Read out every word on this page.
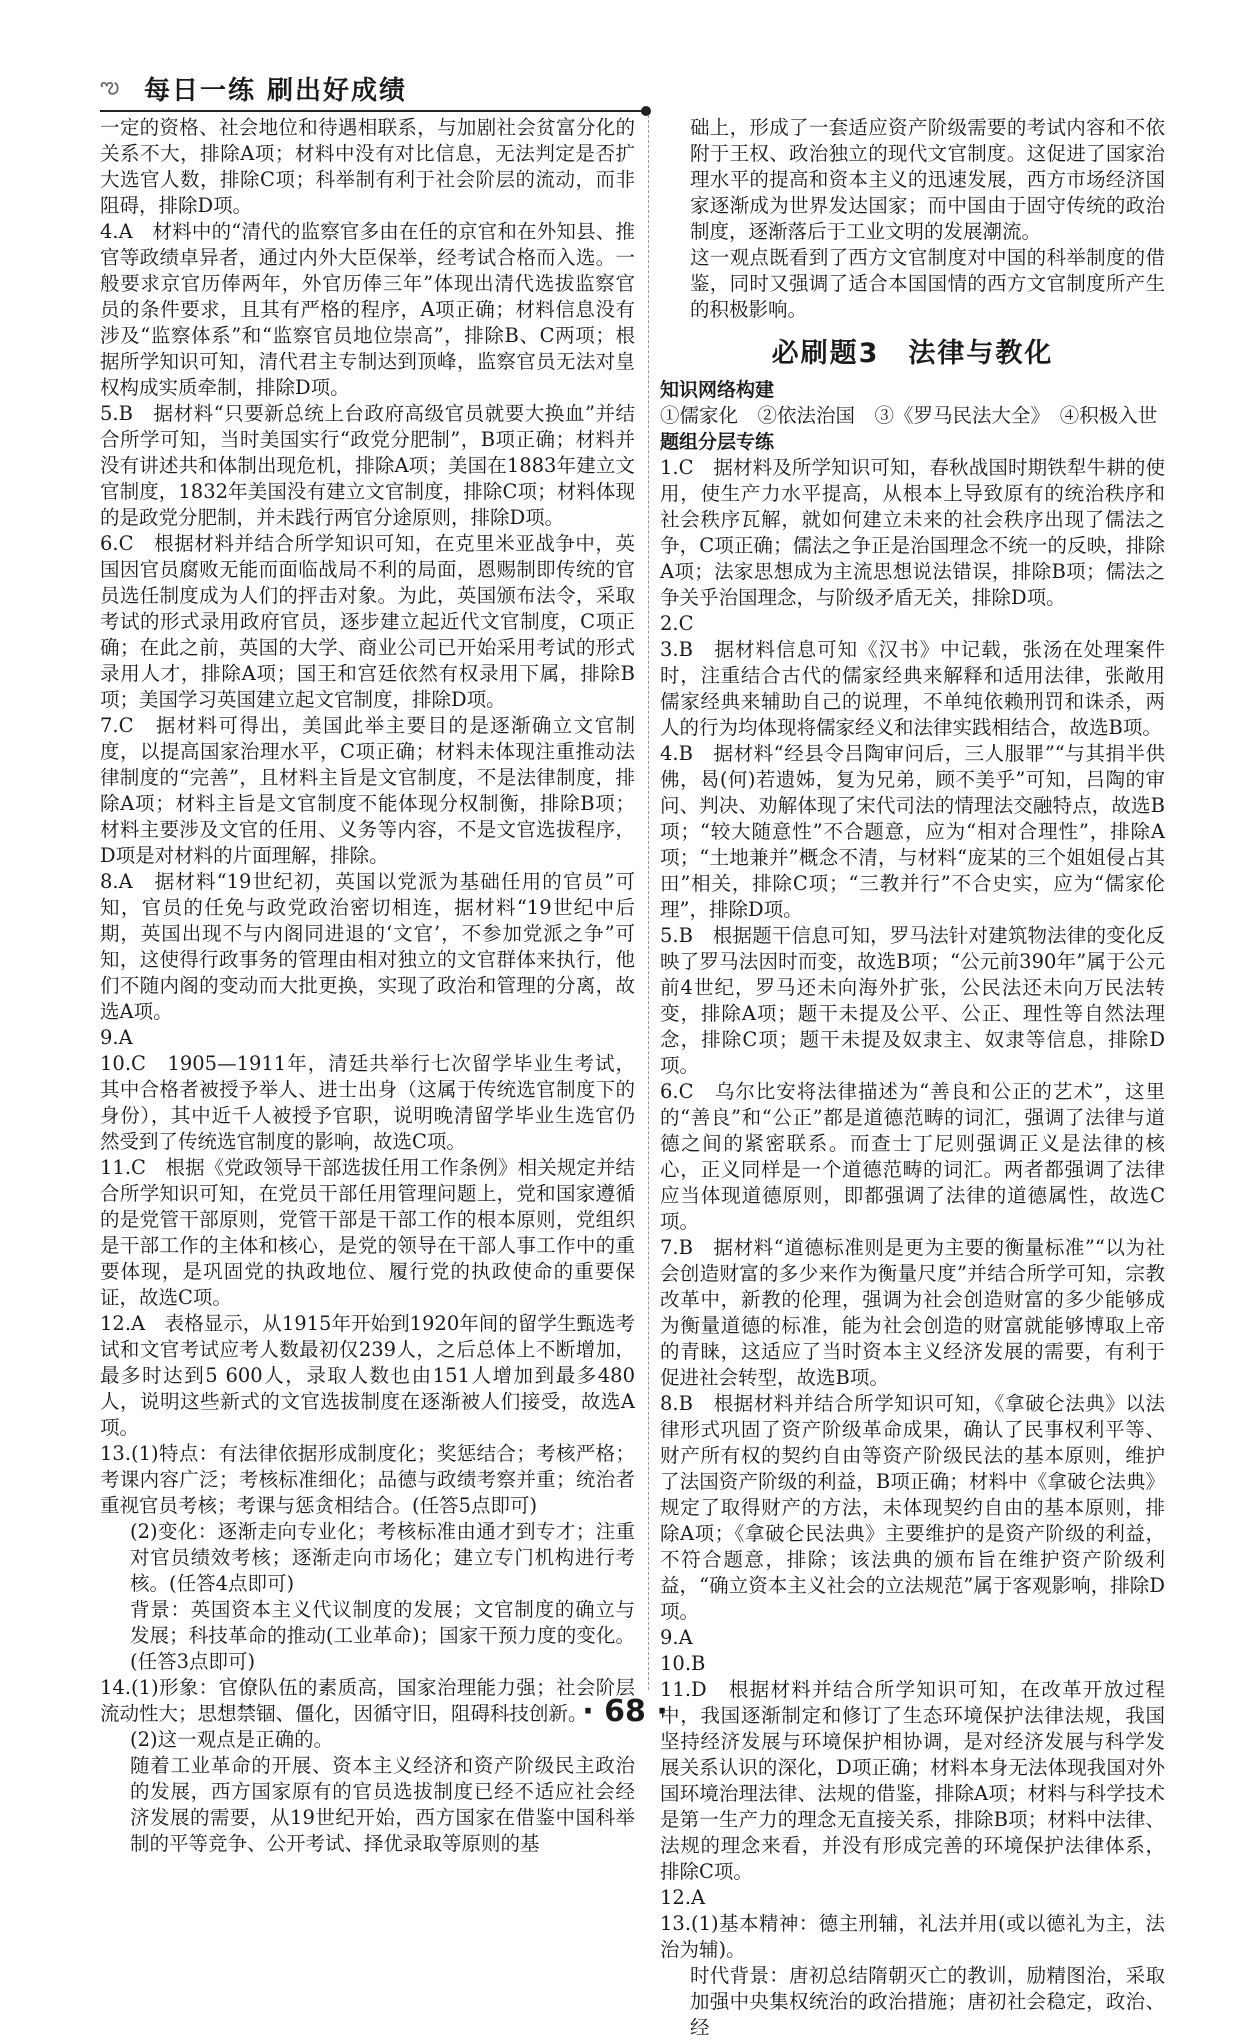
ఌ 每日一练 刷出好成绩

一定的资格、社会地位和待遇相联系，与加剧社会贫富分化的关系不大，排除A项；材料中没有对比信息，无法判定是否扩大选官人数，排除C项；科举制有利于社会阶层的流动，而非阻碍，排除D项。

4.A　材料中的“清代的监察官多由在任的京官和在外知县、推官等政绩卓异者，通过内外大臣保举，经考试合格而入选。一般要求京官历俸两年，外官历俸三年”体现出清代选拔监察官员的条件要求，且其有严格的程序，A项正确；材料信息没有涉及“监察体系”和“监察官员地位崇高”，排除B、C两项；根据所学知识可知，清代君主专制达到顶峰，监察官员无法对皇权构成实质牵制，排除D项。

5.B　据材料“只要新总统上台政府高级官员就要大换血”并结合所学可知，当时美国实行“政党分肥制”，B项正确；材料并没有讲述共和体制出现危机，排除A项；美国在1883年建立文官制度，1832年美国没有建立文官制度，排除C项；材料体现的是政党分肥制，并未践行两官分途原则，排除D项。

6.C　根据材料并结合所学知识可知，在克里米亚战争中，英国因官员腐败无能而面临战局不利的局面，恩赐制即传统的官员选任制度成为人们的抨击对象。为此，英国颁布法令，采取考试的形式录用政府官员，逐步建立起近代文官制度，C项正确；在此之前，英国的大学、商业公司已开始采用考试的形式录用人才，排除A项；国王和宫廷依然有权录用下属，排除B项；美国学习英国建立起文官制度，排除D项。

7.C　据材料可得出，美国此举主要目的是逐渐确立文官制度，以提高国家治理水平，C项正确；材料未体现注重推动法律制度的“完善”，且材料主旨是文官制度，不是法律制度，排除A项；材料主旨是文官制度不能体现分权制衡，排除B项；材料主要涉及文官的任用、义务等内容，不是文官选拔程序，D项是对材料的片面理解，排除。

8.A　据材料“19世纪初，英国以党派为基础任用的官员”可知，官员的任免与政党政治密切相连，据材料“19世纪中后期，英国出现不与内阁同进退的‘文官’，不参加党派之争”可知，这使得行政事务的管理由相对独立的文官群体来执行，他们不随内阁的变动而大批更换，实现了政治和管理的分离，故选A项。

9.A

10.C　1905—1911年，清廷共举行七次留学毕业生考试，其中合格者被授予举人、进士出身（这属于传统选官制度下的身份），其中近千人被授予官职，说明晚清留学毕业生选官仍然受到了传统选官制度的影响，故选C项。

11.C　根据《党政领导干部选拔任用工作条例》相关规定并结合所学知识可知，在党员干部任用管理问题上，党和国家遵循的是党管干部原则，党管干部是干部工作的根本原则，党组织是干部工作的主体和核心，是党的领导在干部人事工作中的重要体现，是巩固党的执政地位、履行党的执政使命的重要保证，故选C项。

12.A　表格显示，从1915年开始到1920年间的留学生甄选考试和文官考试应考人数最初仅239人，之后总体上不断增加，最多时达到5 600人，录取人数也由151人增加到最多480人，说明这些新式的文官选拔制度在逐渐被人们接受，故选A项。

13.(1)特点：有法律依据形成制度化；奖惩结合；考核严格；考课内容广泛；考核标准细化；品德与政绩考察并重；统治者重视官员考核；考课与惩贪相结合。(任答5点即可)

(2)变化：逐渐走向专业化；考核标准由通才到专才；注重对官员绩效考核；逐渐走向市场化；建立专门机构进行考核。(任答4点即可)

背景：英国资本主义代议制度的发展；文官制度的确立与发展；科技革命的推动(工业革命)；国家干预力度的变化。(任答3点即可)

14.(1)形象：官僚队伍的素质高，国家治理能力强；社会阶层流动性大；思想禁锢、僵化，因循守旧，阻碍科技创新。

(2)这一观点是正确的。

随着工业革命的开展、资本主义经济和资产阶级民主政治的发展，西方国家原有的官员选拔制度已经不适应社会经济发展的需要，从19世纪开始，西方国家在借鉴中国科举制的平等竞争、公开考试、择优录取等原则的基

础上，形成了一套适应资产阶级需要的考试内容和不依附于王权、政治独立的现代文官制度。这促进了国家治理水平的提高和资本主义的迅速发展，西方市场经济国家逐渐成为世界发达国家；而中国由于固守传统的政治制度，逐渐落后于工业文明的发展潮流。

这一观点既看到了西方文官制度对中国的科举制度的借鉴，同时又强调了适合本国国情的西方文官制度所产生的积极影响。

必刷题3　法律与教化

知识网络构建

①儒家化　②依法治国　③《罗马民法大全》　④积极入世

题组分层专练

1.C　据材料及所学知识可知，春秋战国时期铁犁牛耕的使用，使生产力水平提高，从根本上导致原有的统治秩序和社会秩序瓦解，就如何建立未来的社会秩序出现了儒法之争，C项正确；儒法之争正是治国理念不统一的反映，排除A项；法家思想成为主流思想说法错误，排除B项；儒法之争关乎治国理念，与阶级矛盾无关，排除D项。

2.C

3.B　据材料信息可知《汉书》中记载，张汤在处理案件时，注重结合古代的儒家经典来解释和适用法律，张敞用儒家经典来辅助自己的说理，不单纯依赖刑罚和诛杀，两人的行为均体现将儒家经义和法律实践相结合，故选B项。

4.B　据材料“经县令吕陶审问后，三人服罪”“与其捐半供佛，曷(何)若遗姊，复为兄弟，顾不美乎”可知，吕陶的审问、判决、劝解体现了宋代司法的情理法交融特点，故选B项；“较大随意性”不合题意，应为“相对合理性”，排除A项；“土地兼并”概念不清，与材料“庞某的三个姐姐侵占其田”相关，排除C项；“三教并行”不合史实，应为“儒家伦理”，排除D项。

5.B　根据题干信息可知，罗马法针对建筑物法律的变化反映了罗马法因时而变，故选B项；“公元前390年”属于公元前4世纪，罗马还未向海外扩张，公民法还未向万民法转变，排除A项；题干未提及公平、公正、理性等自然法理念，排除C项；题干未提及奴隶主、奴隶等信息，排除D项。

6.C　乌尔比安将法律描述为“善良和公正的艺术”，这里的“善良”和“公正”都是道德范畴的词汇，强调了法律与道德之间的紧密联系。而查士丁尼则强调正义是法律的核心，正义同样是一个道德范畴的词汇。两者都强调了法律应当体现道德原则，即都强调了法律的道德属性，故选C项。

7.B　据材料“道德标准则是更为主要的衡量标准”“以为社会创造财富的多少来作为衡量尺度”并结合所学可知，宗教改革中，新教的伦理，强调为社会创造财富的多少能够成为衡量道德的标准，能为社会创造的财富就能够博取上帝的青睐，这适应了当时资本主义经济发展的需要，有利于促进社会转型，故选B项。

8.B　根据材料并结合所学知识可知，《拿破仑法典》以法律形式巩固了资产阶级革命成果，确认了民事权利平等、财产所有权的契约自由等资产阶级民法的基本原则，维护了法国资产阶级的利益，B项正确；材料中《拿破仑法典》规定了取得财产的方法，未体现契约自由的基本原则，排除A项；《拿破仑民法典》主要维护的是资产阶级的利益，不符合题意，排除；该法典的颁布旨在维护资产阶级利益，“确立资本主义社会的立法规范”属于客观影响，排除D项。

9.A

10.B

11.D　根据材料并结合所学知识可知，在改革开放过程中，我国逐渐制定和修订了生态环境保护法律法规，我国坚持经济发展与环境保护相协调，是对经济发展与科学发展关系认识的深化，D项正确；材料本身无法体现我国对外国环境治理法律、法规的借鉴，排除A项；材料与科学技术是第一生产力的理念无直接关系，排除B项；材料中法律、法规的理念来看，并没有形成完善的环境保护法律体系，排除C项。

12.A

13.(1)基本精神：德主刑辅，礼法并用(或以德礼为主，法治为辅)。

时代背景：唐初总结隋朝灭亡的教训，励精图治，采取加强中央集权统治的政治措施；唐初社会稳定，政治、经

· 68 ·
